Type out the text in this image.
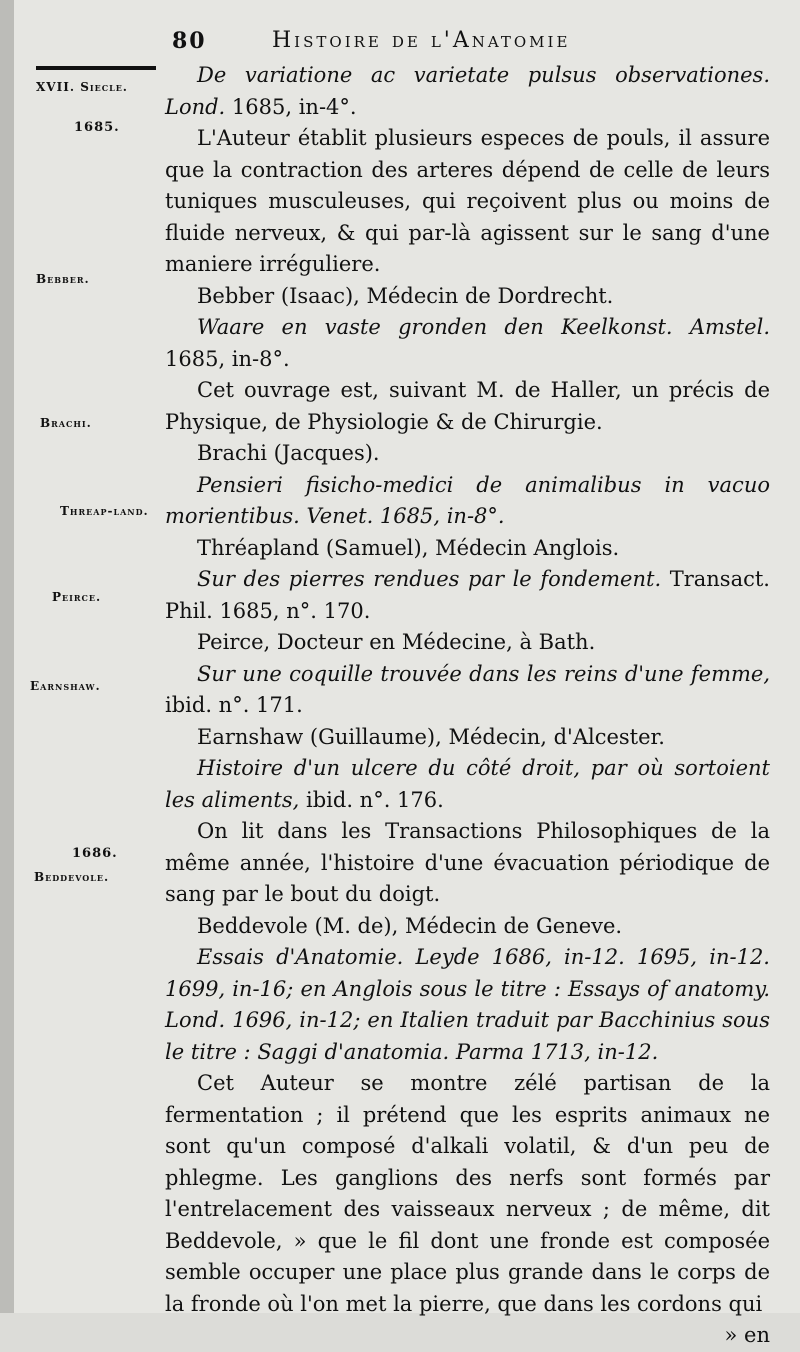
80	Histoire de l'Anatomie
XVII. Siecle.
1685.
Bebber.
Brachi.
Threap-land.
Peirce.
Earnshaw.
1686.
Beddevole.

De variatione ac varietate pulsus observationes. Lond. 1685, in-4°.

L'Auteur établit plusieurs especes de pouls, il assure que la contraction des arteres dépend de celle de leurs tuniques musculeuses, qui reçoivent plus ou moins de fluide nerveux, & qui par-là agissent sur le sang d'une maniere irréguliere.

Bebber (Isaac), Médecin de Dordrecht.

Waare en vaste gronden den Keelkonst. Amstel. 1685, in-8°.

Cet ouvrage est, suivant M. de Haller, un précis de Physique, de Physiologie & de Chirurgie.

Brachi (Jacques).

Pensieri fisicho-medici de animalibus in vacuo morientibus. Venet. 1685, in-8°.

Thréapland (Samuel), Médecin Anglois.

Sur des pierres rendues par le fondement. Transact. Phil. 1685, n°. 170.

Peirce, Docteur en Médecine, à Bath.

Sur une coquille trouvée dans les reins d'une femme, ibid. n°. 171.

Earnshaw (Guillaume), Médecin, d'Alcester.

Histoire d'un ulcere du côté droit, par où sortoient les aliments, ibid. n°. 176.

On lit dans les Transactions Philosophiques de la même année, l'histoire d'une évacuation périodique de sang par le bout du doigt.

Beddevole (M. de), Médecin de Geneve.

Essais d'Anatomie. Leyde 1686, in-12. 1695, in-12. 1699, in-16; en Anglois sous le titre : Essays of anatomy. Lond. 1696, in-12; en Italien traduit par Bacchinius sous le titre : Saggi d'anatomia. Parma 1713, in-12.

Cet Auteur se montre zélé partisan de la fermentation ; il prétend que les esprits animaux ne sont qu'un composé d'alkali volatil, & d'un peu de phlegme. Les ganglions des nerfs sont formés par l'entrelacement des vaisseaux nerveux ; de même, dit Beddevole, » que le fil dont une fronde est composée semble occuper une place plus grande dans le corps de la fronde où l'on met la pierre, que dans les cordons qui

» en
